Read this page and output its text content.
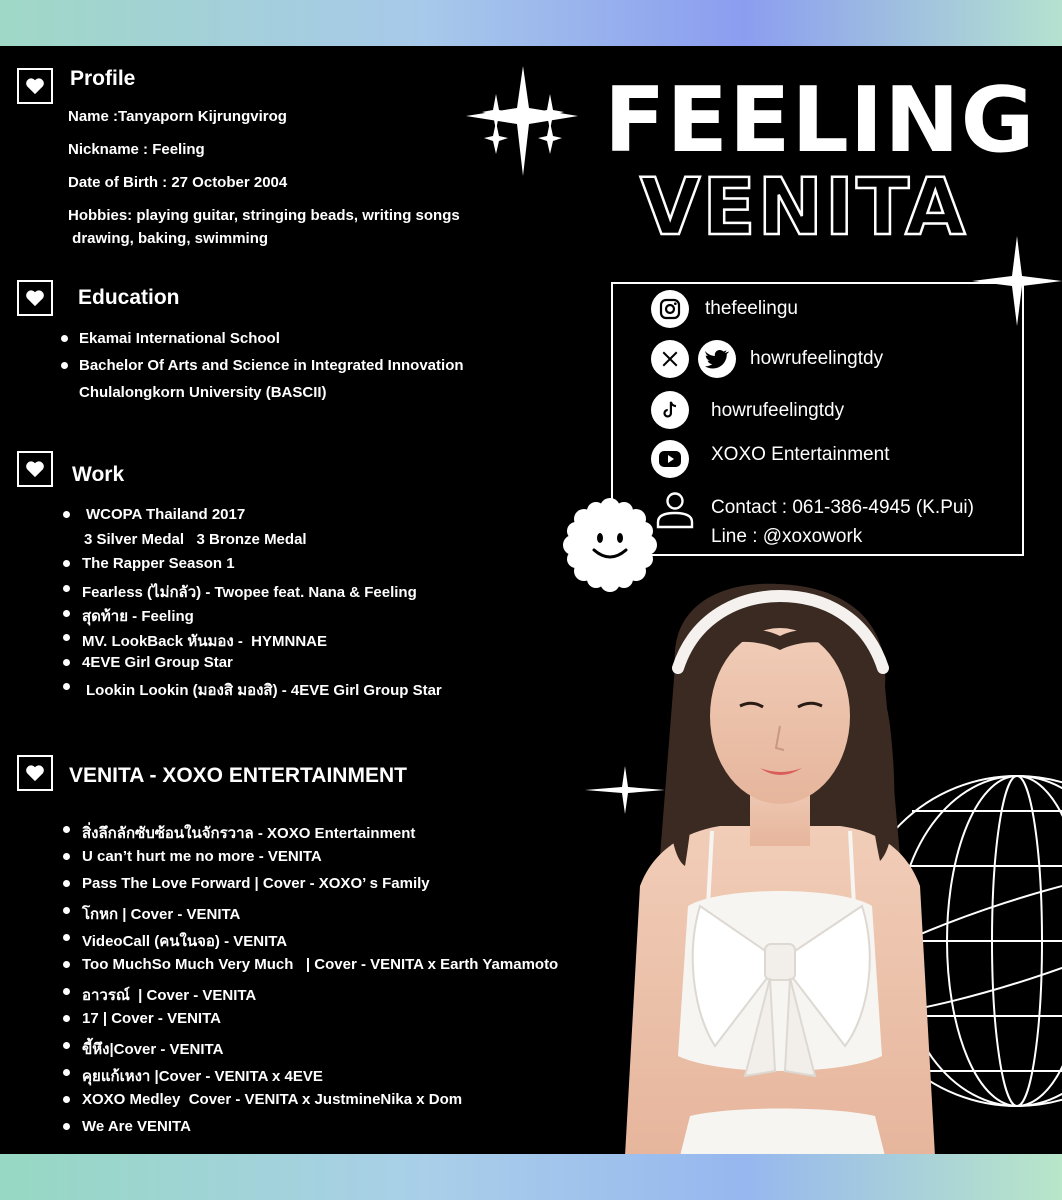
FEELING
VENITA
Profile
Name :Tanyaporn Kijrungvirog
Nickname : Feeling
Date of Birth : 27 October 2004
Hobbies: playing guitar, stringing beads, writing songs
drawing, baking, swimming
Education
Ekamai International School
Bachelor Of Arts and Science in Integrated Innovation
Chulalongkorn University (BASCII)
Work
WCOPA Thailand 2017
3 Silver Medal   3 Bronze Medal
The Rapper Season 1
Fearless (ไม่กลัว) - Twopee feat. Nana & Feeling
สุดท้าย - Feeling
MV. LookBack หันมอง -  HYMNNAE
4EVE Girl Group Star
Lookin Lookin (มองสิ มองสิ) - 4EVE Girl Group Star
VENITA - XOXO ENTERTAINMENT
สิ่งลึกลักซับซ้อนในจักรวาล - XOXO Entertainment
U can’t hurt me no more - VENITA
Pass The Love Forward | Cover - XOXO’ s Family
โกหก | Cover - VENITA
VideoCall (คนในจอ) - VENITA
Too MuchSo Much Very Much   | Cover - VENITA x Earth Yamamoto
อาวรณ์  | Cover - VENITA
17 | Cover - VENITA
ขี้หึง|Cover - VENITA
คุยแก้เหงา |Cover - VENITA x 4EVE
XOXO Medley  Cover - VENITA x JustmineNika x Dom
We Are VENITA
thefeelingu
howrufeelingtdy
howrufeelingtdy
XOXO Entertainment
Contact : 061-386-4945 (K.Pui)
Line : @xoxowork
